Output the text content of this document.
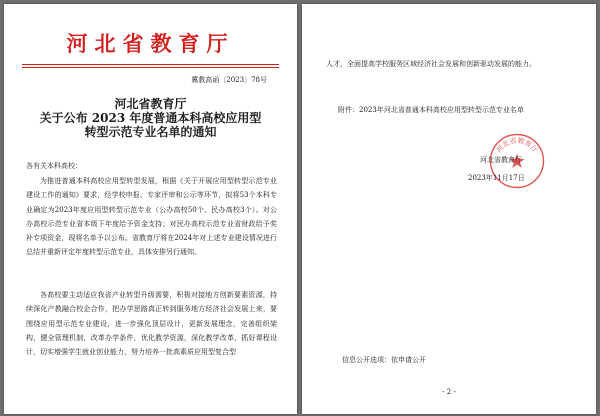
河北省教育厅
冀教高函〔2023〕78号
河北省教育厅
关于公布 2023 年度普通本科高校应用型
转型示范专业名单的通知
各有关本科高校：
为推进普通本科高校应用型转型发展，根据《关于开展应用型转型示范专业建设工作的通知》要求，经学校申报、专家评审和公示等环节，拟将53个本科专业确定为2023年度应用型转型示范专业（公办高校50个、民办高校3个）。对公办高校示范专业省本级下年度给予资金支持；对民办高校示范专业省财政给予奖补专项资金，现将名单予以公布。省教育厅将在2024年对上述专业建设情况进行总结并重新评定年度转型示范专业，具体安排另行通知。
各高校要主动适应我省产业转型升级需要，积极对接地方创新要素资源，持续深化产教融合校企合作，把办学思路真正转到服务地方经济社会发展上来，要围绕应用型示范专业建设，进一步强化顶层设计，更新发展理念，完善组织架构，健全管理机制，改革办学条件，优化教学资源，深化教学改革，抓好课程设计，切实增强学生就业创业能力，努力培养一批高素质应用型复合型
人才，全面提高学校服务区域经济社会发展和创新驱动发展的能力。
附件：2023年河北省普通本科高校应用型转型示范专业名单
河北省教育厅
河北省教育厅
2023年11月17日
信息公开选项：依申请公开
- 2 -
